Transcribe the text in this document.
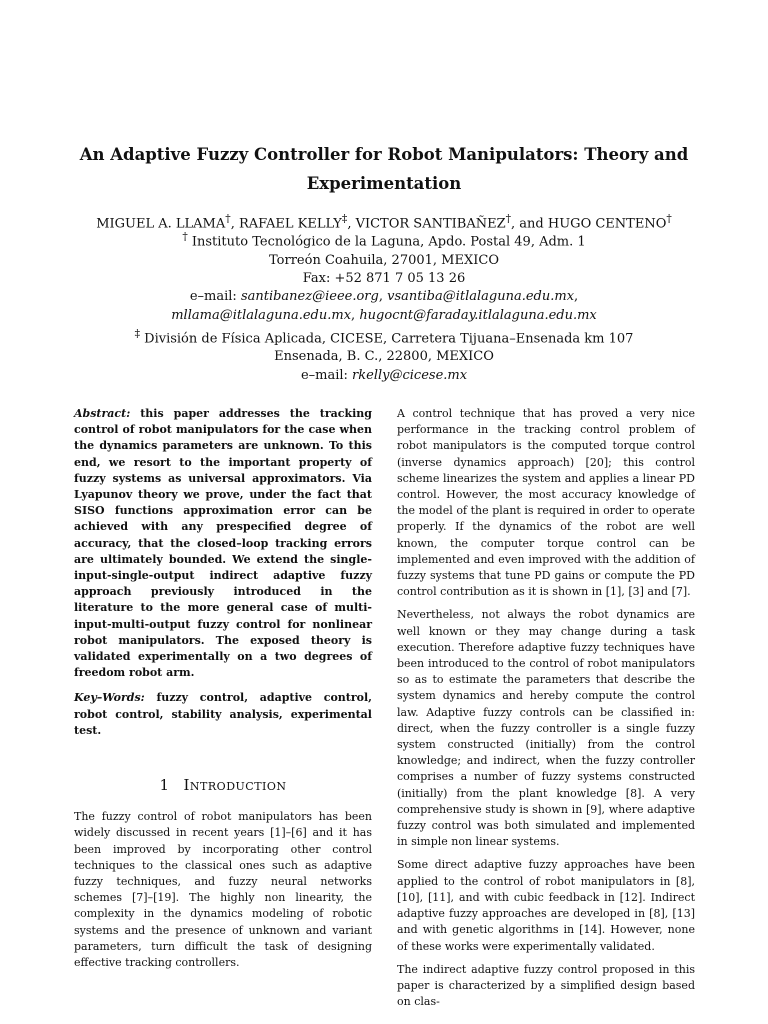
An Adaptive Fuzzy Controller for Robot Manipulators: Theory and
Experimentation
MIGUEL A. LLAMA†, RAFAEL KELLY‡, VICTOR SANTIBAÑEZ†, and HUGO CENTENO†
† Instituto Tecnológico de la Laguna, Apdo. Postal 49, Adm. 1
Torreón Coahuila, 27001, MEXICO
Fax: +52 871 7 05 13 26
e–mail: santibanez@ieee.org, vsantiba@itlalaguna.edu.mx,
mllama@itlalaguna.edu.mx, hugocnt@faraday.itlalaguna.edu.mx
‡ División de Física Aplicada, CICESE, Carretera Tijuana–Ensenada km 107
Ensenada, B. C., 22800, MEXICO
e–mail: rkelly@cicese.mx

Abstract: this paper addresses the tracking control of robot manipulators for the case when the dynamics parameters are unknown. To this end, we resort to the important property of fuzzy systems as universal approximators. Via Lyapunov theory we prove, under the fact that SISO functions approximation error can be achieved with any prespecified degree of accuracy, that the closed–loop tracking errors are ultimately bounded. We extend the single-input-single-output indirect adaptive fuzzy approach previously introduced in the literature to the more general case of multi-input-multi-output fuzzy control for nonlinear robot manipulators. The exposed theory is validated experimentally on a two degrees of freedom robot arm.

Key–Words: fuzzy control, adaptive control, robot control, stability analysis, experimental test.

1 Introduction

The fuzzy control of robot manipulators has been widely discussed in recent years [1]–[6] and it has been improved by incorporating other control techniques to the classical ones such as adaptive fuzzy techniques, and fuzzy neural networks schemes [7]–[19]. The highly non linearity, the complexity in the dynamics modeling of robotic systems and the presence of unknown and variant parameters, turn difficult the task of designing effective tracking controllers.

A control technique that has proved a very nice performance in the tracking control problem of robot manipulators is the computed torque control (inverse dynamics approach) [20]; this control scheme linearizes the system and applies a linear PD control. However, the most accuracy knowledge of the model of the plant is required in order to operate properly. If the dynamics of the robot are well known, the computer torque control can be implemented and even improved with the addition of fuzzy systems that tune PD gains or compute the PD control contribution as it is shown in [1], [3] and [7].

Nevertheless, not always the robot dynamics are well known or they may change during a task execution. Therefore adaptive fuzzy techniques have been introduced to the control of robot manipulators so as to estimate the parameters that describe the system dynamics and hereby compute the control law. Adaptive fuzzy controls can be classified in: direct, when the fuzzy controller is a single fuzzy system constructed (initially) from the control knowledge; and indirect, when the fuzzy controller comprises a number of fuzzy systems constructed (initially) from the plant knowledge [8]. A very comprehensive study is shown in [9], where adaptive fuzzy control was both simulated and implemented in simple non linear systems.

Some direct adaptive fuzzy approaches have been applied to the control of robot manipulators in [8],[10], [11], and with cubic feedback in [12]. Indirect adaptive fuzzy approaches are developed in [8], [13] and with genetic algorithms in [14]. However, none of these works were experimentally validated.

The indirect adaptive fuzzy control proposed in this paper is characterized by a simplified design based on clas-
